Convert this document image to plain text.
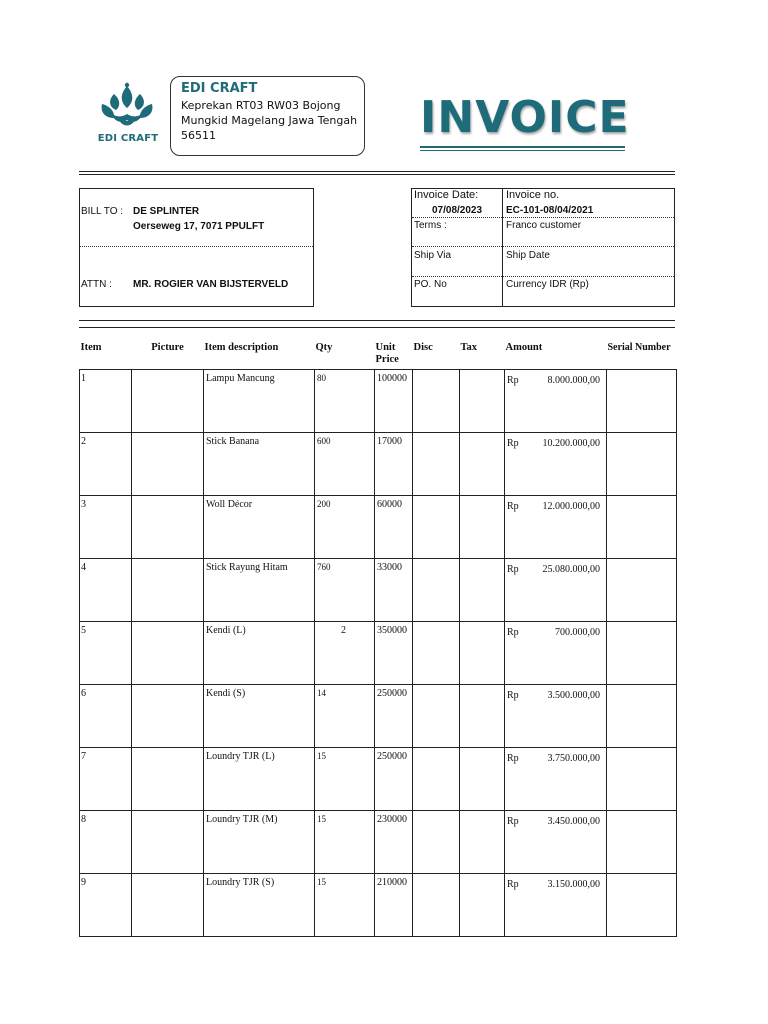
EDI CRAFT
EDI CRAFT
Keprekan RT03 RW03 Bojong
Mungkid Magelang Jawa Tengah
56511	INVOICE
BILL TO : DE SPLINTER
Oerseweg 17, 7071 PPULFT
ATTN : MR. ROGIER VAN BIJSTERVELD
Invoice Date:
07/08/2023
Invoice no.
EC-101-08/04/2021
Terms :	Franco customer
Ship Via	Ship Date
PO. No	Currency IDR (Rp)
Item	Picture	Item description	Qty	Unit Price	Disc	Tax	Amount	Serial Number
1		Lampu Mancung	80	100000			Rp 8.000.000,00	

2		Stick Banana	600	17000			Rp 10.200.000,00	

3		Woll Décor	200	60000			Rp 12.000.000,00	

4		Stick Rayung Hitam	760	33000			Rp 25.080.000,00	

5		Kendi (L)	2	350000			Rp 700.000,00	

6		Kendi (S)	14	250000			Rp 3.500.000,00	

7		Loundry TJR (L)	15	250000			Rp 3.750.000,00	

8		Loundry TJR (M)	15	230000			Rp 3.450.000,00	

9		Loundry TJR (S)	15	210000			Rp 3.150.000,00	
